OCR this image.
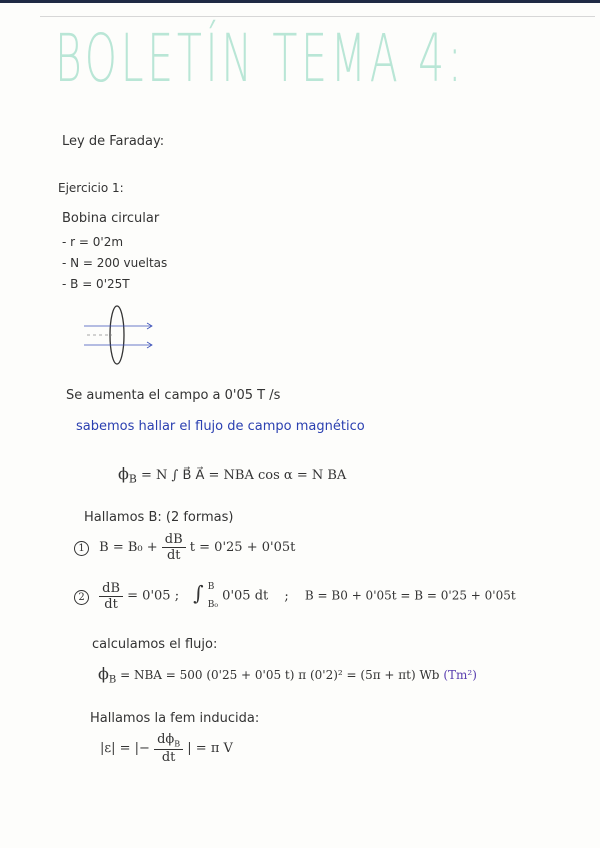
BOLETÍN TEMA 4:
Ley de Faraday:
Ejercicio 1:
Bobina circular
- r = 0'2m
- N = 200 vueltas
- B = 0'25T
Se aumenta el campo a 0'05 T /s
sabemos hallar el flujo de campo magnético
$\phi_B = N$ ∫ B⃗ A⃗ = NBA cos α = N BA
Hallamos B: (2 formas)
1 $B = B_0 + \frac{dB}{dt}$ t = 0'25 + 0'05t
$2 \frac{dB}{dt} = 0'05$ ; ∫ B
B₀
0'05 dt ; B = B0 + 0'05t = B = 0'25 + 0'05t
calculamos el flujo:
$\phi_B$ = NBA = 500 (0'25 + 0'05 t) π (0'2)² = (5π + πt) Wb (Tm²)
Hallamos la fem inducida:
|ε| = |− $\frac{d\phi_B}{dt}$ | = π V
